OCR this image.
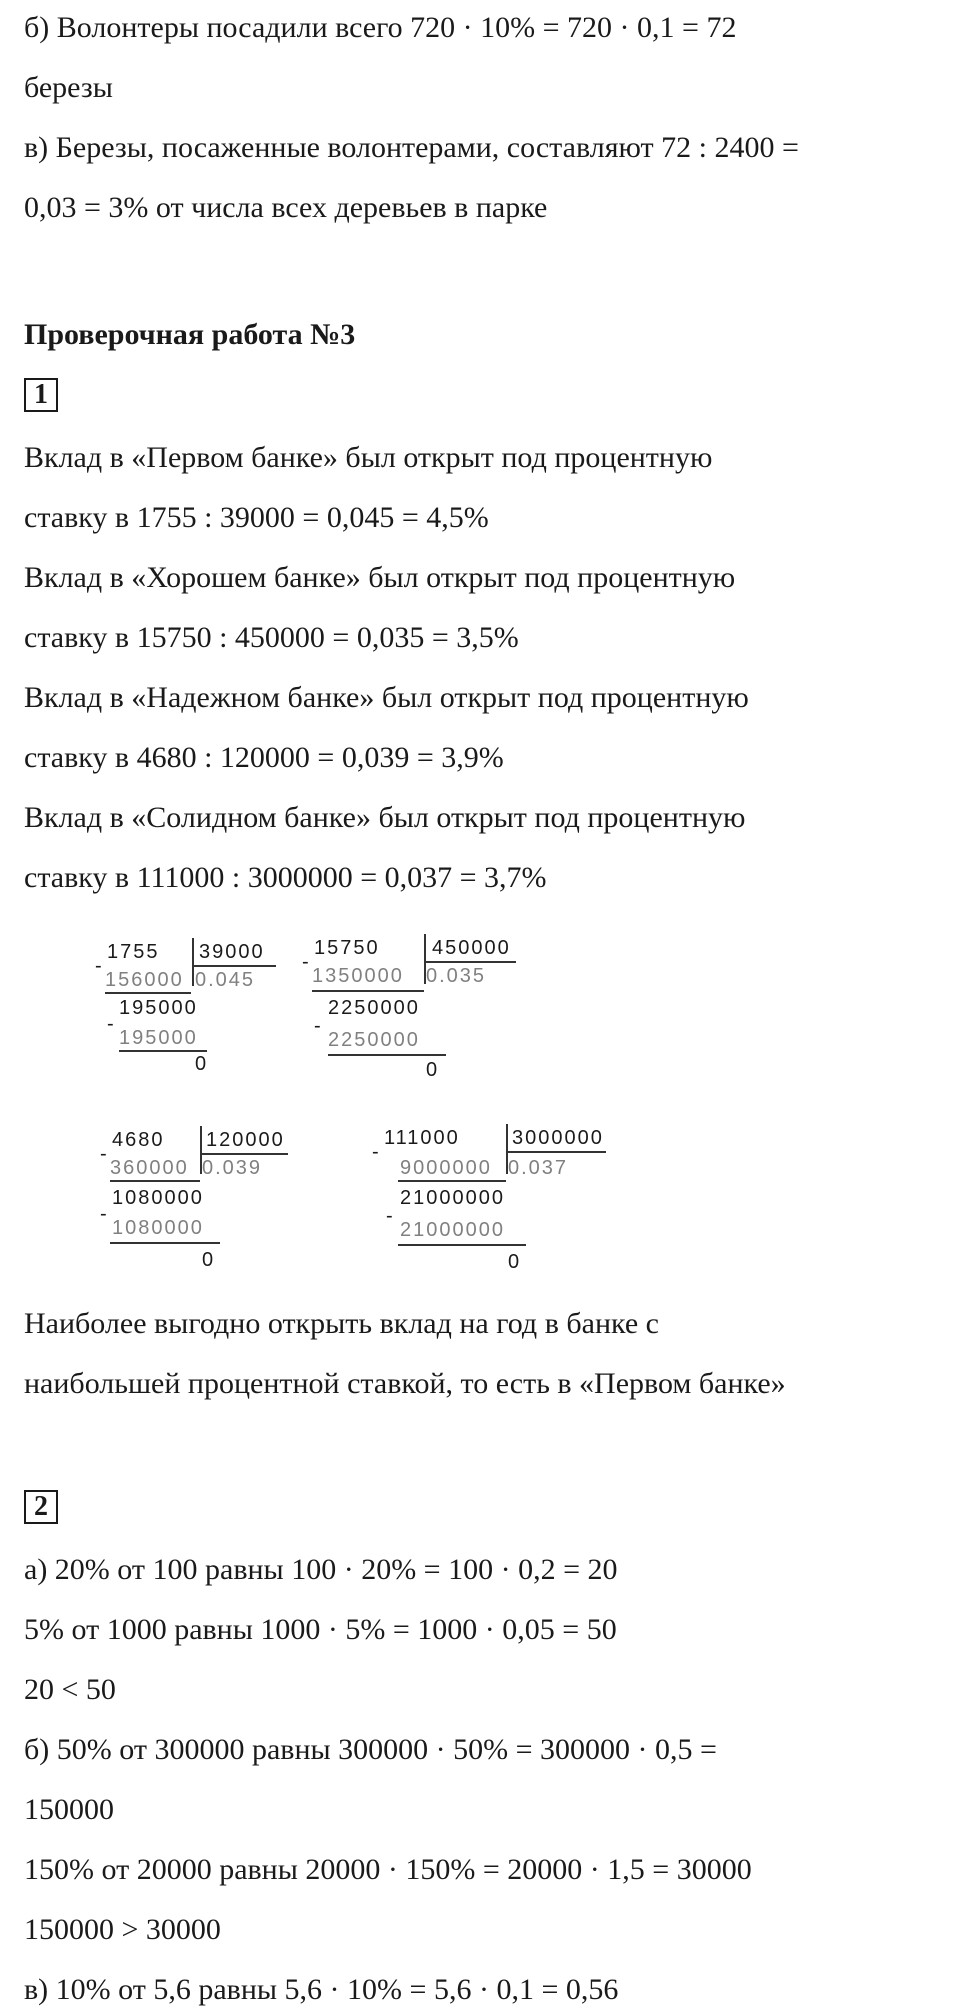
б) Волонтеры посадили всего 720 · 10% = 720 · 0,1 = 72
березы
в) Березы, посаженные волонтерами, составляют 72 : 2400 =
0,03 = 3% от числа всех деревьев в парке
Проверочная работа №3
1
Вклад в «Первом банке» был открыт под процентную
ставку в 1755 : 39000 = 0,045 = 4,5%
Вклад в «Хорошем банке» был открыт под процентную
ставку в 15750 : 450000 = 0,035 = 3,5%
Вклад в «Надежном банке» был открыт под процентную
ставку в 4680 : 120000 = 0,039 = 3,9%
Вклад в «Солидном банке» был открыт под процентную
ставку в 111000 : 3000000 = 0,037 = 3,7%
1755 39000
-
156000 0.045
195000
-
195000
0
15750	450000
-
1350000 0.035
2250000
-
2250000
0
4680 120000
-
360000 0.039
1080000
-
1080000
0
111000	3000000
-
9000000 0.037
21000000
-
21000000
0
Наиболее выгодно открыть вклад на год в банке с
наибольшей процентной ставкой, то есть в «Первом банке»
2
а) 20% от 100 равны 100 · 20% = 100 · 0,2 = 20
5% от 1000 равны 1000 · 5% = 1000 · 0,05 = 50
20 < 50
б) 50% от 300000 равны 300000 · 50% = 300000 · 0,5 =
150000
150% от 20000 равны 20000 · 150% = 20000 · 1,5 = 30000
150000 > 30000
в) 10% от 5,6 равны 5,6 · 10% = 5,6 · 0,1 = 0,56
